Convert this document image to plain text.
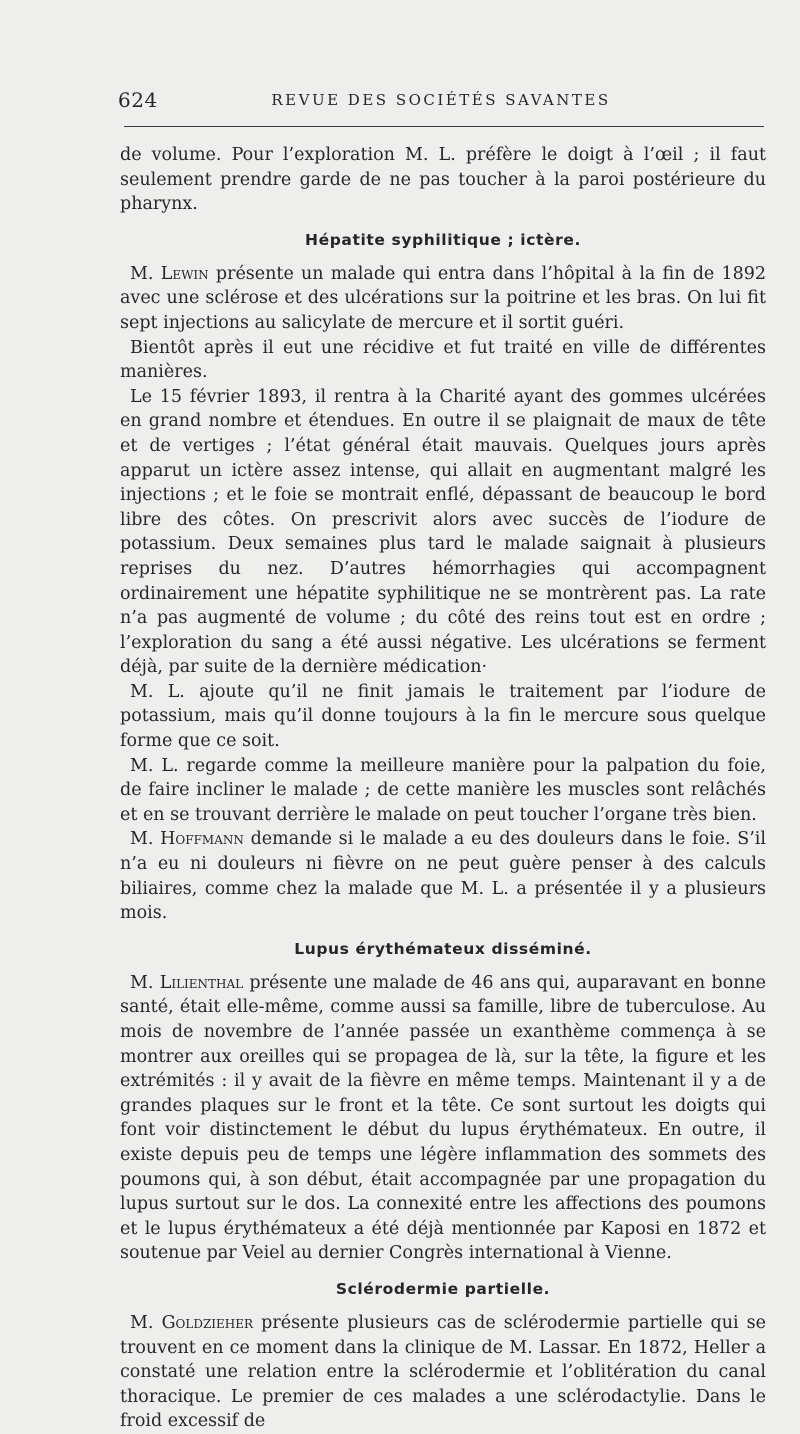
624	REVUE DES SOCIÉTÉS SAVANTES

de volume. Pour l’exploration M. L. préfère le doigt à l’œil ; il faut seulement prendre garde de ne pas toucher à la paroi postérieure du pharynx.

Hépatite syphilitique ; ictère.

M. Lewin présente un malade qui entra dans l’hôpital à la fin de 1892 avec une sclérose et des ulcérations sur la poitrine et les bras. On lui fit sept injections au salicylate de mercure et il sortit guéri.

Bientôt après il eut une récidive et fut traité en ville de différentes manières.

Le 15 février 1893, il rentra à la Charité ayant des gommes ulcérées en grand nombre et étendues. En outre il se plaignait de maux de tête et de vertiges ; l’état général était mauvais. Quelques jours après apparut un ictère assez intense, qui allait en augmentant malgré les injections ; et le foie se montrait enflé, dépassant de beaucoup le bord libre des côtes. On prescrivit alors avec succès de l’iodure de potassium. Deux semaines plus tard le malade saignait à plusieurs reprises du nez. D’autres hémorrhagies qui accompagnent ordinairement une hépatite syphilitique ne se montrèrent pas. La rate n’a pas augmenté de volume ; du côté des reins tout est en ordre ; l’exploration du sang a été aussi négative. Les ulcérations se ferment déjà, par suite de la dernière médication·

M. L. ajoute qu’il ne finit jamais le traitement par l’iodure de potassium, mais qu’il donne toujours à la fin le mercure sous quelque forme que ce soit.

M. L. regarde comme la meilleure manière pour la palpation du foie, de faire incliner le malade ; de cette manière les muscles sont relâchés et en se trouvant derrière le malade on peut toucher l’organe très bien.

M. Hoffmann demande si le malade a eu des douleurs dans le foie. S’il n’a eu ni douleurs ni fièvre on ne peut guère penser à des calculs biliaires, comme chez la malade que M. L. a présentée il y a plusieurs mois.

Lupus érythémateux disséminé.

M. Lilienthal présente une malade de 46 ans qui, auparavant en bonne santé, était elle-même, comme aussi sa famille, libre de tuberculose. Au mois de novembre de l’année passée un exanthème commença à se montrer aux oreilles qui se propagea de là, sur la tête, la figure et les extrémités : il y avait de la fièvre en même temps. Maintenant il y a de grandes plaques sur le front et la tête. Ce sont surtout les doigts qui font voir distinctement le début du lupus érythémateux. En outre, il existe depuis peu de temps une légère inflammation des sommets des poumons qui, à son début, était accompagnée par une propagation du lupus surtout sur le dos. La connexité entre les affections des poumons et le lupus érythémateux a été déjà mentionnée par Kaposi en 1872 et soutenue par Veiel au dernier Congrès international à Vienne.

Sclérodermie partielle.

M. Goldzieher présente plusieurs cas de sclérodermie partielle qui se trouvent en ce moment dans la clinique de M. Lassar. En 1872, Heller a constaté une relation entre la sclérodermie et l’oblitération du canal thoracique. Le premier de ces malades a une sclérodactylie. Dans le froid excessif de
